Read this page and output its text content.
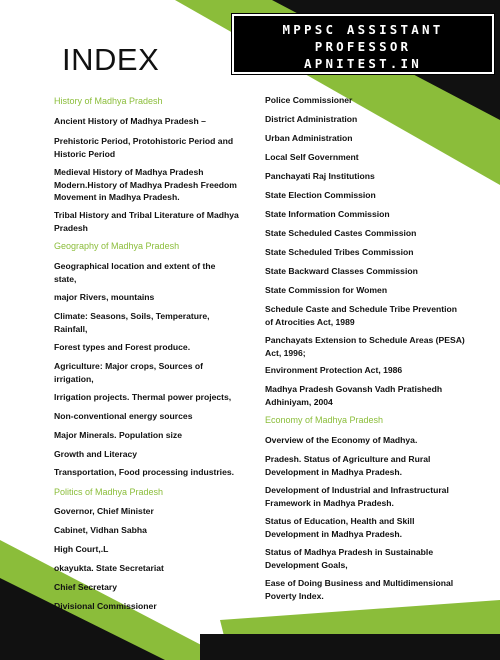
INDEX
MPPSC ASSISTANT
PROFESSOR
APNITEST.IN
History of Madhya Pradesh
Ancient History of Madhya Pradesh –
Prehistoric Period, Protohistoric Period and Historic Period
Medieval History of Madhya Pradesh Modern.History of Madhya Pradesh Freedom Movement in Madhya Pradesh.
Tribal History and Tribal Literature of Madhya Pradesh
Geography of Madhya Pradesh
Geographical location and extent of the state,
major Rivers, mountains
Climate: Seasons, Soils, Temperature, Rainfall,
Forest types and Forest produce.
Agriculture: Major crops, Sources of irrigation,
Irrigation projects. Thermal power projects,
Non-conventional energy sources
Major Minerals. Population size
Growth and Literacy
Transportation, Food processing industries.
Politics of Madhya Pradesh
Governor, Chief Minister
Cabinet, Vidhan Sabha
High Court,.L
okayukta. State Secretariat
Chief Secretary
Divisional Commissioner
Police Commissioner
District Administration
Urban Administration
Local Self Government
Panchayati Raj Institutions
State Election Commission
State Information Commission
State Scheduled Castes Commission
State Scheduled Tribes Commission
State Backward Classes Commission
State Commission for Women
Schedule Caste and Schedule Tribe Prevention of Atrocities Act, 1989
Panchayats Extension to Schedule Areas (PESA) Act, 1996;
Environment Protection Act, 1986
Madhya Pradesh Govansh Vadh Pratishedh Adhiniyam, 2004
Economy of Madhya Pradesh
Overview of the Economy of Madhya.
Pradesh. Status of Agriculture and Rural Development in Madhya Pradesh.
Development of Industrial and Infrastructural Framework in Madhya Pradesh.
Status of Education, Health and Skill Development in Madhya Pradesh.
Status of Madhya Pradesh in Sustainable Development Goals,
Ease of Doing Business and Multidimensional Poverty Index.
